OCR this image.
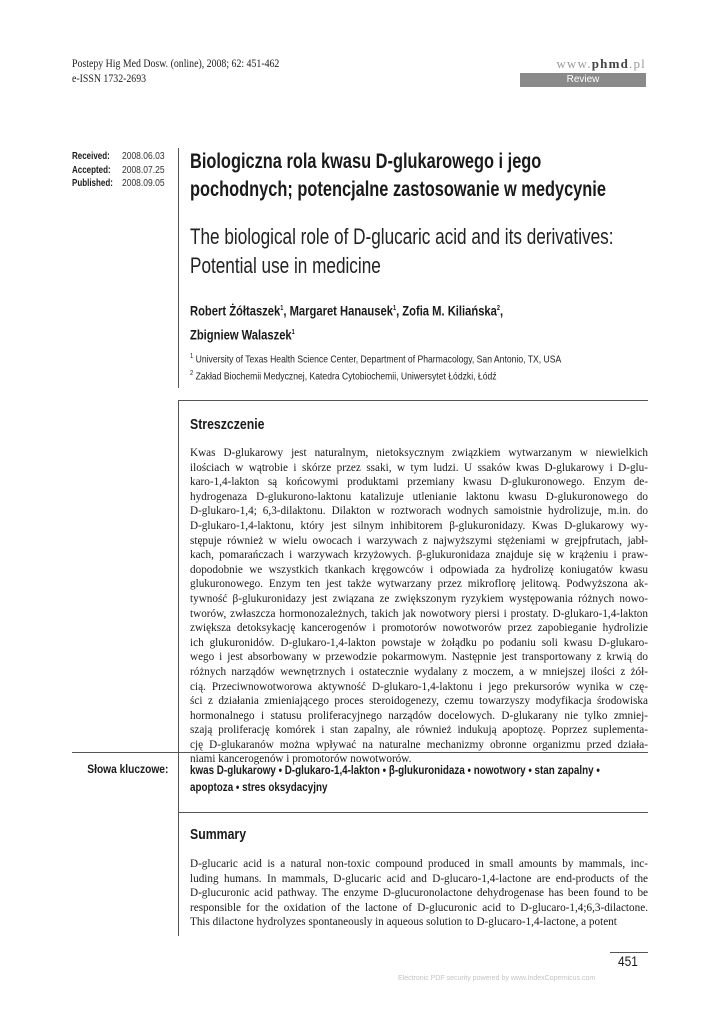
Postepy Hig Med Dosw. (online), 2008; 62: 451-462
e-ISSN 1732-2693
www.phmd.pl
Review
Received: 2008.06.03
Accepted: 2008.07.25
Published: 2008.09.05
Biologiczna rola kwasu D-glukarowego i jego
pochodnych; potencjalne zastosowanie w medycynie
The biological role of D-glucaric acid and its derivatives:
Potential use in medicine
Robert Żółtaszek$^1$, Margaret Hanausek$^1$, Zofia M. Kiliańska$^2$,
Zbigniew Walaszek$^1$
$^1$ University of Texas Health Science Center, Department of Pharmacology, San Antonio, TX, USA
$^2$ Zakład Biochemii Medycznej, Katedra Cytobiochemii, Uniwersytet Łódzki, Łódź
Streszczenie
Kwas D-glukarowy jest naturalnym, nietoksycznym związkiem wytwarzanym w niewielkich
ilościach w wątrobie i skórze przez ssaki, w tym ludzi. U ssaków kwas D-glukarowy i D-glu-
karo-1,4-lakton są końcowymi produktami przemiany kwasu D-glukuronowego. Enzym de-
hydrogenaza D-glukurono-laktonu katalizuje utlenianie laktonu kwasu D-glukuronowego do
D-glukaro-1,4; 6,3-dilaktonu. Dilakton w roztworach wodnych samoistnie hydrolizuje, m.in. do
D-glukaro-1,4-laktonu, który jest silnym inhibitorem β-glukuronidazy. Kwas D-glukarowy wy-
stępuje również w wielu owocach i warzywach z najwyższymi stężeniami w grejpfrutach, jabł-
kach, pomarańczach i warzywach krzyżowych. β-glukuronidaza znajduje się w krążeniu i praw-
dopodobnie we wszystkich tkankach kręgowców i odpowiada za hydrolizę koniugatów kwasu
glukuronowego. Enzym ten jest także wytwarzany przez mikroflorę jelitową. Podwyższona ak-
tywność β-glukuronidazy jest związana ze zwiększonym ryzykiem występowania różnych nowo-
tworów, zwłaszcza hormonozależnych, takich jak nowotwory piersi i prostaty. D-glukaro-1,4-lakton
zwiększa detoksykację kancerogenów i promotorów nowotworów przez zapobieganie hydrolizie
ich glukuronidów. D-glukaro-1,4-lakton powstaje w żołądku po podaniu soli kwasu D-glukaro-
wego i jest absorbowany w przewodzie pokarmowym. Następnie jest transportowany z krwią do
różnych narządów wewnętrznych i ostatecznie wydalany z moczem, a w mniejszej ilości z żół-
cią. Przeciwnowotworowa aktywność D-glukaro-1,4-laktonu i jego prekursorów wynika w czę-
ści z działania zmieniającego proces steroidogenezy, czemu towarzyszy modyfikacja środowiska
hormonalnego i statusu proliferacyjnego narządów docelowych. D-glukarany nie tylko zmniej-
szają proliferację komórek i stan zapalny, ale również indukują apoptozę. Poprzez suplementa-
cję D-glukaranów można wpływać na naturalne mechanizmy obronne organizmu przed działa-
niami kancerogenów i promotorów nowotworów.
Słowa kluczowe: kwas D-glukarowy • D-glukaro-1,4-lakton • β-glukuronidaza • nowotwory • stan zapalny •
apoptoza • stres oksydacyjny
Summary
D-glucaric acid is a natural non-toxic compound produced in small amounts by mammals, inc-
luding humans. In mammals, D-glucaric acid and D-glucaro-1,4-lactone are end-products of the
D-glucuronic acid pathway. The enzyme D-glucuronolactone dehydrogenase has been found to be
responsible for the oxidation of the lactone of D-glucuronic acid to D-glucaro-1,4;6,3-dilactone.
This dilactone hydrolyzes spontaneously in aqueous solution to D-glucaro-1,4-lactone, a potent
451
Electronic PDF security powered by www.IndexCopernicus.com
